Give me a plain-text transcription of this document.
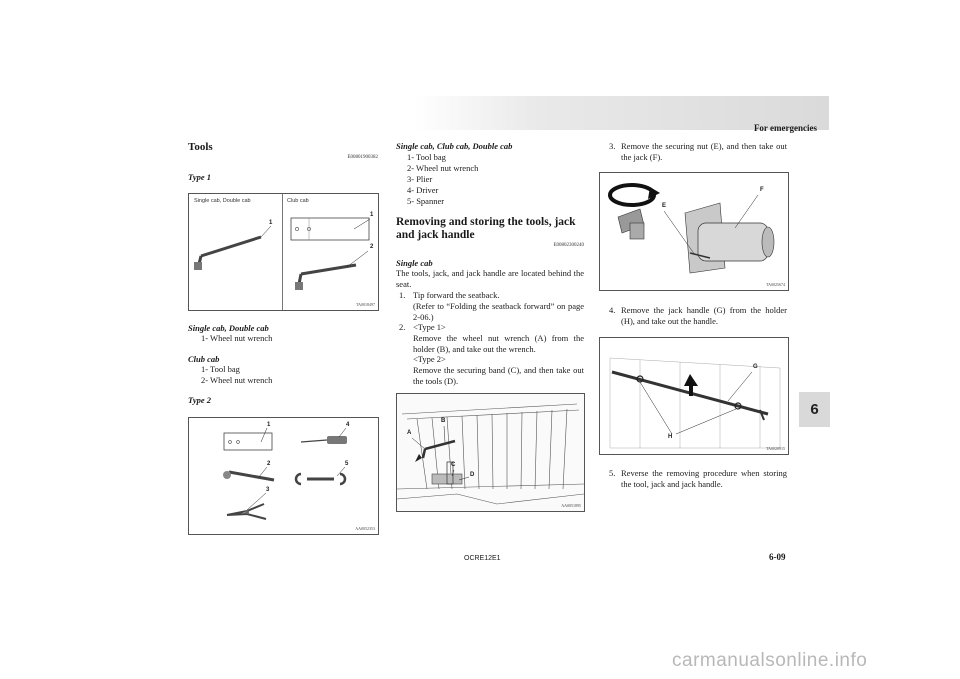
For emergencies
6
Tools
E00801900382
Type 1
Single cab, Double cab	Club cab
1
1
2
TA0018497
Single cab, Double cab
1- Wheel nut wrench
Club cab
1- Tool bag
2- Wheel nut wrench
Type 2
1
2
3
4
5
AA0052353
Single cab, Club cab, Double cab
1- Tool bag
2- Wheel nut wrench
3- Plier
4- Driver
5- Spanner
Removing and storing the tools, jack and jack handle
E00802300240
Single cab
The tools, jack, and jack handle are located behind the seat.
1. Tip forward the seatback.
(Refer to “Folding the seatback forward” on page 2-06.)
2. <Type 1>
Remove the wheel nut wrench (A) from the holder (B), and take out the wrench.
<Type 2>
Remove the securing band (C), and then take out the tools (D).
A
B
C
D
AA0051895
3. Remove the securing nut (E), and then take out the jack (F).
E
F
TA0025674
4. Remove the jack handle (G) from the holder (H), and take out the handle.
G
H
TA0020915
5. Reverse the removing procedure when storing the tool, jack and jack handle.
OCRE12E1	6-09
carmanualsonline.info
